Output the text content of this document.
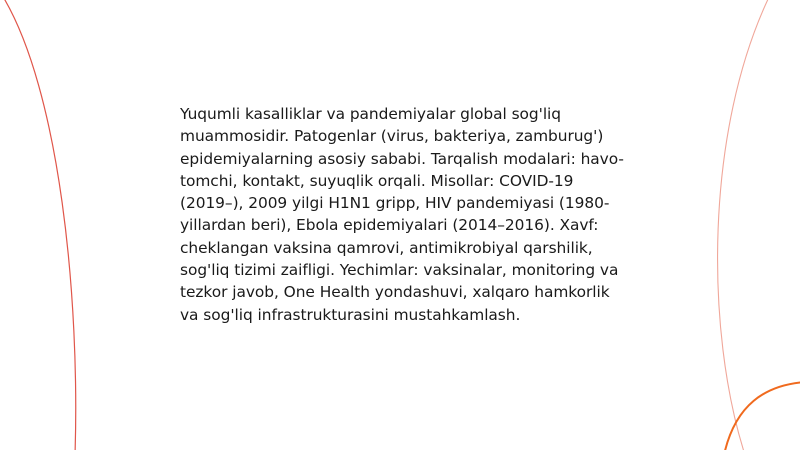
Yuqumli kasalliklar va pandemiyalar global sog'liq muammosidir. Patogenlar (virus, bakteriya, zamburug') epidemiyalarning asosiy sababi. Tarqalish modalari: havo-tomchi, kontakt, suyuqlik orqali. Misollar: COVID-19 (2019–), 2009 yilgi H1N1 gripp, HIV pandemiyasi (1980-yillardan beri), Ebola epidemiyalari (2014–2016). Xavf: cheklangan vaksina qamrovi, antimikrobiyal qarshilik, sog'liq tizimi zaifligi. Yechimlar: vaksinalar, monitoring va tezkor javob, One Health yondashuvi, xalqaro hamkorlik va sog'liq infrastrukturasini mustahkamlash.
